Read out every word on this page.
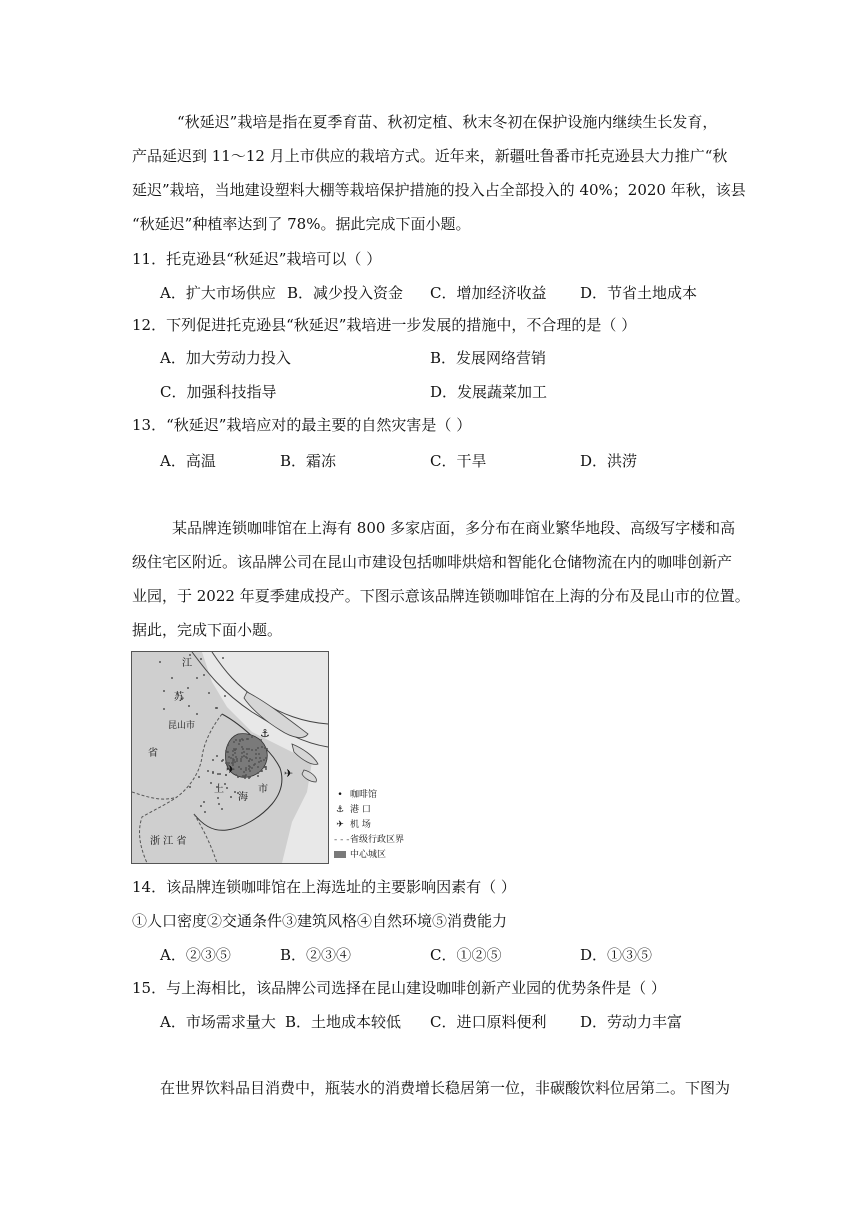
“秋延迟”栽培是指在夏季育苗、秋初定植、秋末冬初在保护设施内继续生长发育，
产品延迟到 11～12 月上市供应的栽培方式。近年来，新疆吐鲁番市托克逊县大力推广“秋
延迟”栽培，当地建设塑料大棚等栽培保护措施的投入占全部投入的 40%；2020 年秋，该县
“秋延迟”种植率达到了 78%。据此完成下面小题。
11．托克逊县“秋延迟”栽培可以（ ）
A．扩大市场供应 B．减少投入资金 C．增加经济收益 D．节省土地成本
12．下列促进托克逊县“秋延迟”栽培进一步发展的措施中，不合理的是（ ）
A．加大劳动力投入	B．发展网络营销
C．加强科技指导	D．发展蔬菜加工
13．“秋延迟”栽培应对的最主要的自然灾害是（ ）
A．高温	B．霜冻	C．干旱	D．洪涝
某品牌连锁咖啡馆在上海有 800 多家店面，多分布在商业繁华地段、高级写字楼和高
级住宅区附近。该品牌公司在昆山市建设包括咖啡烘焙和智能化仓储物流在内的咖啡创新产
业园，于 2022 年夏季建成投产。下图示意该品牌连锁咖啡馆在上海的分布及昆山市的位置。
据此，完成下面小题。
⚓
✈	✈
江
苏
昆山市
省
上
海
市
浙 江 省
• 咖啡馆
⚓ 港 口
✈ 机 场
- - -省级行政区界
中心城区
14．该品牌连锁咖啡馆在上海选址的主要影响因素有（ ）
①人口密度②交通条件③建筑风格④自然环境⑤消费能力
A．②③⑤	B．②③④	C．①②⑤	D．①③⑤
15．与上海相比，该品牌公司选择在昆山建设咖啡创新产业园的优势条件是（ ）
A．市场需求量大 B．土地成本较低 C．进口原料便利 D．劳动力丰富
在世界饮料品目消费中，瓶装水的消费增长稳居第一位，非碳酸饮料位居第二。下图为
